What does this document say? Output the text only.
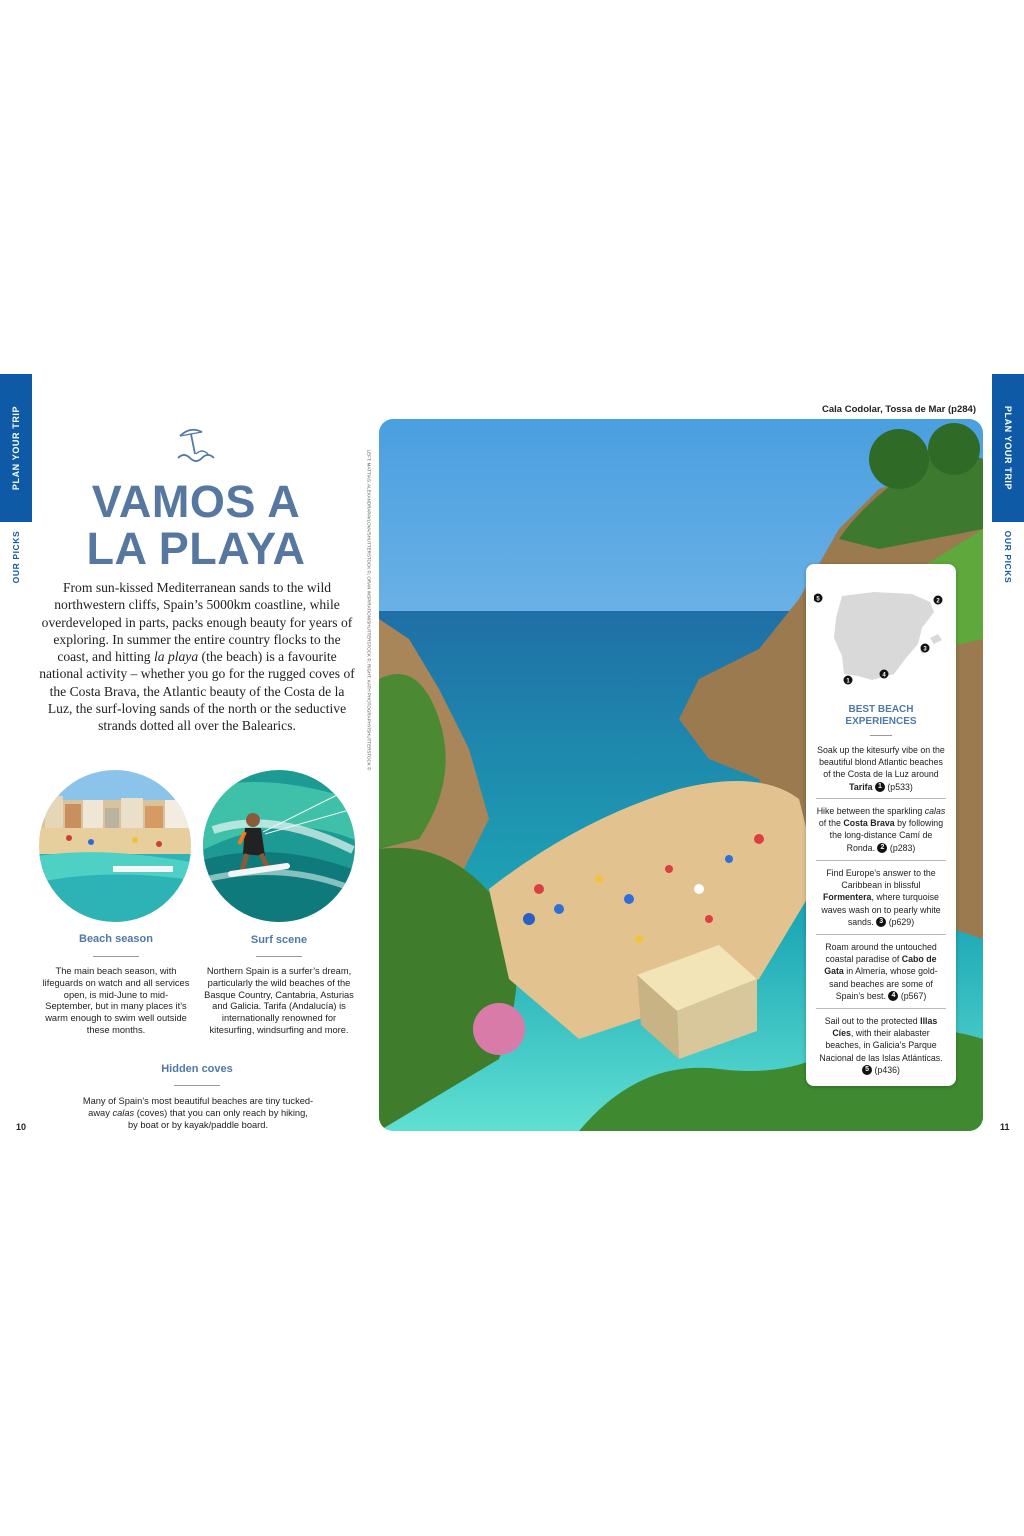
PLAN YOUR TRIP
OUR PICKS
PLAN YOUR TRIP
OUR PICKS
VAMOS A
LA PLAYA
From sun-kissed Mediterranean sands to the wild northwestern cliffs, Spain’s 5000km coastline, while overdeveloped in parts, packs enough beauty for years of exploring. In summer the entire country flocks to the coast, and hitting la playa (the beach) is a favourite national activity – whether you go for the rugged coves of the Costa Brava, the Atlantic beauty of the Costa de la Luz, the surf-loving sands of the north or the seductive strands dotted all over the Balearics.
Beach season
The main beach season, with lifeguards on watch and all services open, is mid-June to mid-September, but in many places it’s warm enough to swim well outside these months.
Surf scene
Northern Spain is a surfer’s dream, particularly the wild beaches of the Basque Country, Cantabria, Asturias and Galicia. Tarifa (Andalucía) is internationally renowned for kitesurfing, windsurfing and more.
Hidden coves
Many of Spain’s most beautiful beaches are tiny tucked-away calas (coves) that you can only reach by hiking, by boat or by kayak/paddle board.
10	11
LEFT: MATTIAS. ALEXANDRAPAVLOVA/SHUTTERSTOCK ©; ORAN INSPIRATION/SHUTTERSTOCK ©; RIGHT: KATH PHOTOGRAPHY/SHUTTERSTOCK ©
Cala Codolar, Tossa de Mar (p284)
1
2
3
4
5
BEST BEACH
EXPERIENCES
Soak up the kitesurfy vibe on the beautiful blond Atlantic beaches of the Costa de la Luz around Tarifa 1 (p533)
Hike between the sparkling calas of the Costa Brava by following the long-distance Camí de Ronda. 2 (p283)
Find Europe’s answer to the Caribbean in blissful Formentera, where turquoise waves wash on to pearly white sands. 3 (p629)
Roam around the untouched coastal paradise of Cabo de Gata in Almería, whose gold-sand beaches are some of Spain’s best. 4 (p567)
Sail out to the protected Illas Cíes, with their alabaster beaches, in Galicia’s Parque Nacional de las Islas Atlánticas. 5 (p436)
